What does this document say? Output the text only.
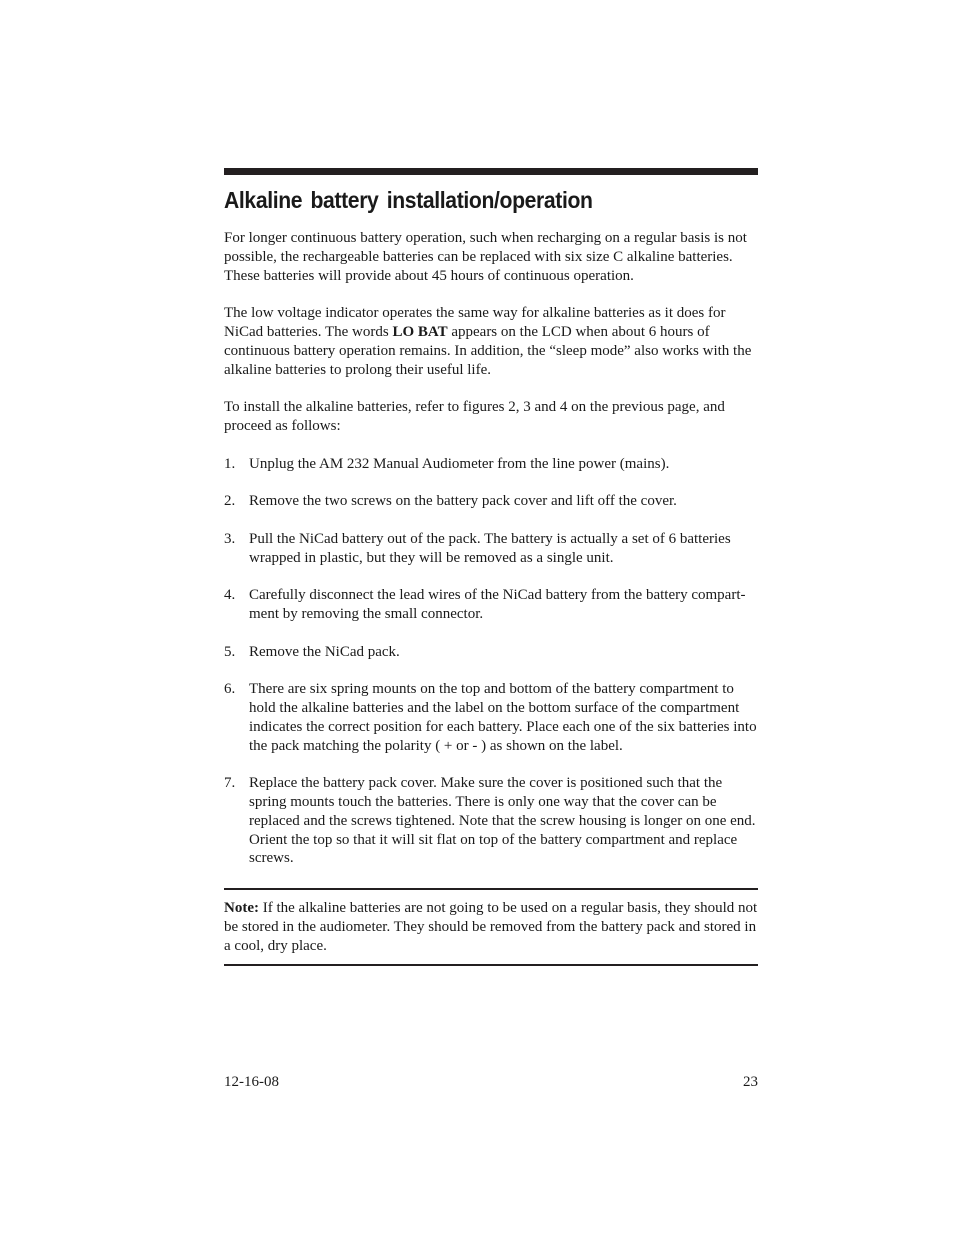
Alkaline battery installation/operation

For longer continuous battery operation, such when recharging on a regular basis is not possible, the rechargeable batteries can be replaced with six size C alkaline batteries. These batteries will provide about 45 hours of continuous operation.

The low voltage indicator operates the same way for alkaline batteries as it does for NiCad batteries. The words LO BAT appears on the LCD when about 6 hours of continuous battery operation remains. In addition, the “sleep mode” also works with the alkaline batteries to prolong their useful life.

To install the alkaline batteries, refer to figures 2, 3 and 4 on the previous page, and proceed as follows:

1. Unplug the AM 232 Manual Audiometer from the line power (mains).
2. Remove the two screws on the battery pack cover and lift off the cover.
3. Pull the NiCad battery out of the pack. The battery is actually a set of 6 batteries wrapped in plastic, but they will be removed as a single unit.
4. Carefully disconnect the lead wires of the NiCad battery from the battery compart-ment by removing the small connector.
5. Remove the NiCad pack.
6. There are six spring mounts on the top and bottom of the battery compartment to hold the alkaline batteries and the label on the bottom surface of the compartment indicates the correct position for each battery. Place each one of the six batteries into the pack matching the polarity ( + or - ) as shown on the label.
7. Replace the battery pack cover. Make sure the cover is positioned such that the spring mounts touch the batteries. There is only one way that the cover can be replaced and the screws tightened. Note that the screw housing is longer on one end. Orient the top so that it will sit flat on top of the battery compartment and replace screws.

Note: If the alkaline batteries are not going to be used on a regular basis, they should not be stored in the audiometer. They should be removed from the battery pack and stored in a cool, dry place.

12-16-08	23
